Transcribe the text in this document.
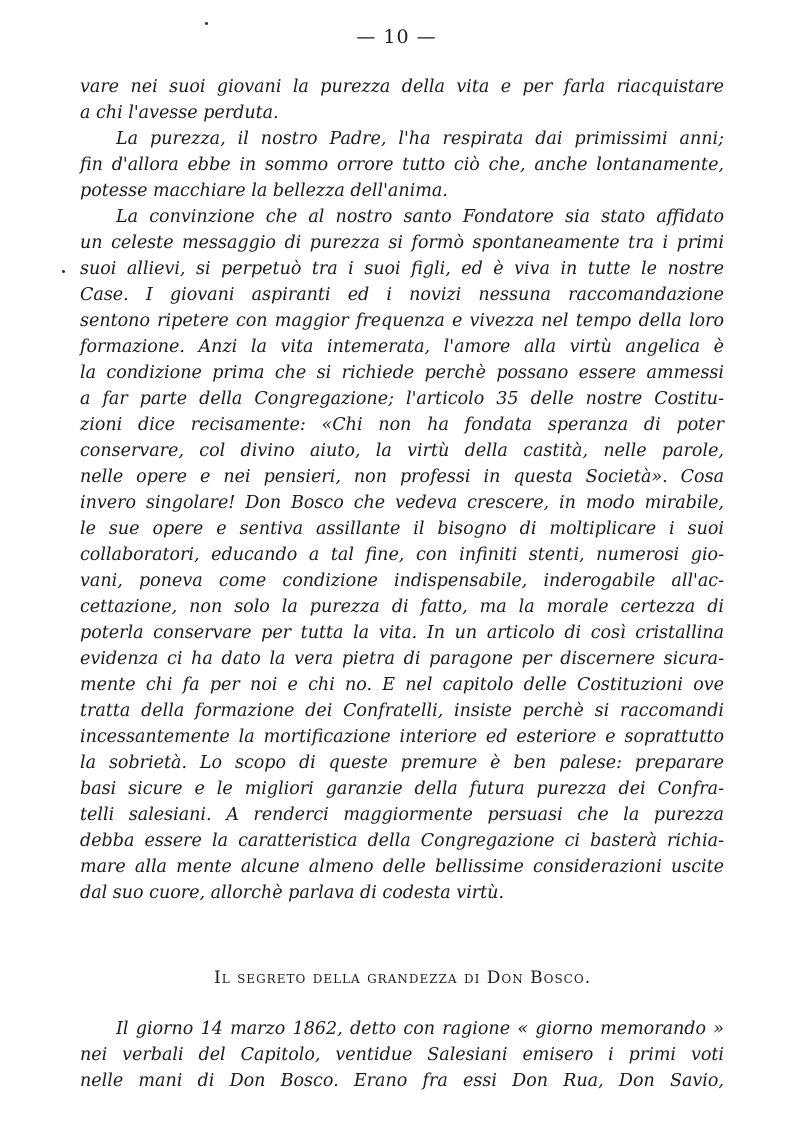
— 10 —
vare nei suoi giovani la purezza della vita e per farla riacquistare
a chi l'avesse perduta.
La purezza, il nostro Padre, l'ha respirata dai primissimi anni;
fin d'allora ebbe in sommo orrore tutto ciò che, anche lontanamente,
potesse macchiare la bellezza dell'anima.
La convinzione che al nostro santo Fondatore sia stato affidato
un celeste messaggio di purezza si formò spontaneamente tra i primi
suoi allievi, si perpetuò tra i suoi figli, ed è viva in tutte le nostre
Case. I giovani aspiranti ed i novizi nessuna raccomandazione
sentono ripetere con maggior frequenza e vivezza nel tempo della loro
formazione. Anzi la vita intemerata, l'amore alla virtù angelica è
la condizione prima che si richiede perchè possano essere ammessi
a far parte della Congregazione; l'articolo 35 delle nostre Costitu-
zioni dice recisamente: «Chi non ha fondata speranza di poter
conservare, col divino aiuto, la virtù della castità, nelle parole,
nelle opere e nei pensieri, non professi in questa Società». Cosa
invero singolare! Don Bosco che vedeva crescere, in modo mirabile,
le sue opere e sentiva assillante il bisogno di moltiplicare i suoi
collaboratori, educando a tal fine, con infiniti stenti, numerosi gio-
vani, poneva come condizione indispensabile, inderogabile all'ac-
cettazione, non solo la purezza di fatto, ma la morale certezza di
poterla conservare per tutta la vita. In un articolo di così cristallina
evidenza ci ha dato la vera pietra di paragone per discernere sicura-
mente chi fa per noi e chi no. E nel capitolo delle Costituzioni ove
tratta della formazione dei Confratelli, insiste perchè si raccomandi
incessantemente la mortificazione interiore ed esteriore e soprattutto
la sobrietà. Lo scopo di queste premure è ben palese: preparare
basi sicure e le migliori garanzie della futura purezza dei Confra-
telli salesiani. A renderci maggiormente persuasi che la purezza
debba essere la caratteristica della Congregazione ci basterà richia-
mare alla mente alcune almeno delle bellissime considerazioni uscite
dal suo cuore, allorchè parlava di codesta virtù.
Il segreto della grandezza di Don Bosco.
Il giorno 14 marzo 1862, detto con ragione « giorno memorando »
nei verbali del Capitolo, ventidue Salesiani emisero i primi voti
nelle mani di Don Bosco. Erano fra essi Don Rua, Don Savio,
